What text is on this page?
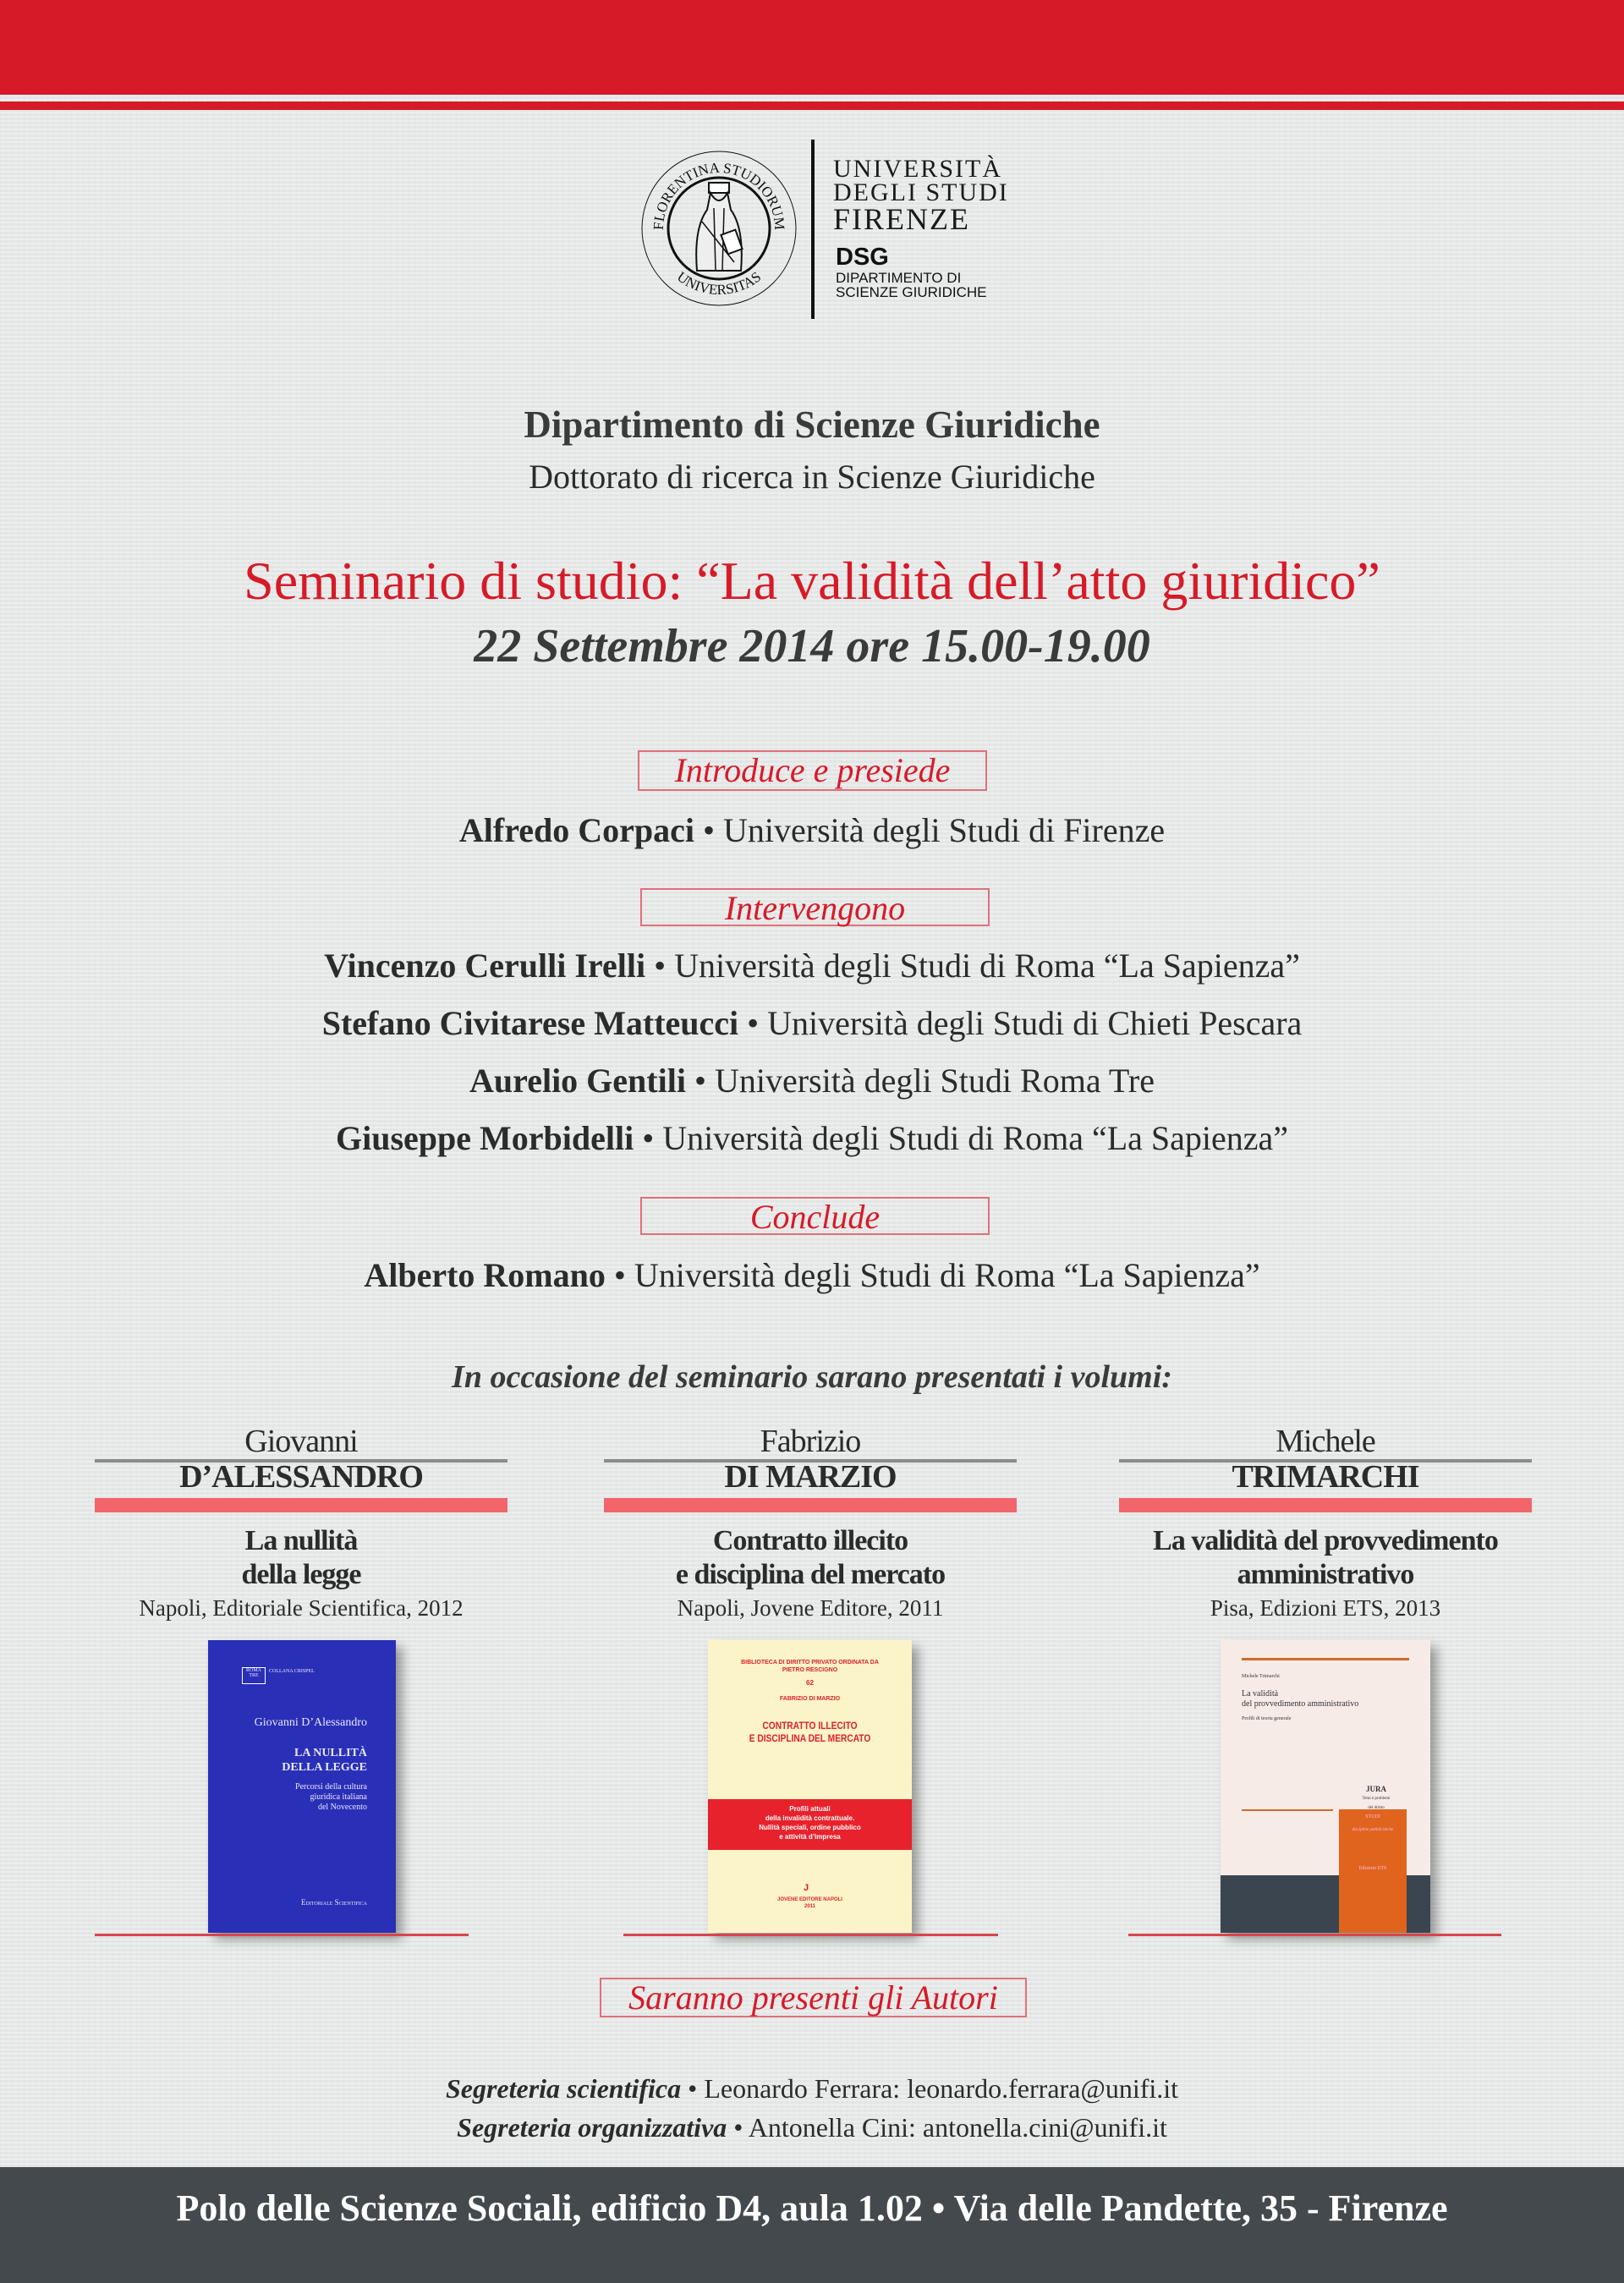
FLORENTINA STUDIORUM
UNIVERSITAS
UNIVERSITÀ
DEGLI STUDI
FIRENZE
DSG
DIPARTIMENTO DI
SCIENZE GIURIDICHE
Dipartimento di Scienze Giuridiche
Dottorato di ricerca in Scienze Giuridiche
Seminario di studio: “La validità dell’atto giuridico”
22 Settembre 2014 ore 15.00-19.00
Introduce e presiede
Alfredo Corpaci • Università degli Studi di Firenze
Intervengono
Vincenzo Cerulli Irelli • Università degli Studi di Roma “La Sapienza”
Stefano Civitarese Matteucci • Università degli Studi di Chieti Pescara
Aurelio Gentili • Università degli Studi Roma Tre
Giuseppe Morbidelli • Università degli Studi di Roma “La Sapienza”
Conclude
Alberto Romano • Università degli Studi di Roma “La Sapienza”
In occasione del seminario sarano presentati i volumi:
Giovanni
D’ALESSANDRO
La nullità
della legge
Napoli, Editoriale Scientifica, 2012
Fabrizio
DI MARZIO
Contratto illecito
e disciplina del mercato
Napoli, Jovene Editore, 2011
Michele
TRIMARCHI
La validità del provvedimento
amministrativo
Pisa, Edizioni ETS, 2013
ROMA TRE
COLLANA CRISPEL
Giovanni D’Alessandro
LA NULLITÀ
DELLA LEGGE
Percorsi della cultura
giuridica italiana
del Novecento
Editoriale Scientifica
BIBLIOTECA DI DIRITTO PRIVATO ORDINATA DA
PIETRO RESCIGNO
62
FABRIZIO DI MARZIO
CONTRATTO ILLECITO
E DISCIPLINA DEL MERCATO
Profili attuali
della invalidità contrattuale.
Nullità speciali, ordine pubblico
e attività d’impresa
J
JOVENE EDITORE NAPOLI
2011
Michele Trimarchi
La validità
del provvedimento amministrativo
Profili di teoria generale
STUDI
discipline pubblicistiche
Edizioni ETS
JURA
Temi e problemi
del diritto
Saranno presenti gli Autori
Segreteria scientifica • Leonardo Ferrara: leonardo.ferrara@unifi.it
Segreteria organizzativa • Antonella Cini: antonella.cini@unifi.it
Polo delle Scienze Sociali, edificio D4, aula 1.02 • Via delle Pandette, 35 - Firenze
